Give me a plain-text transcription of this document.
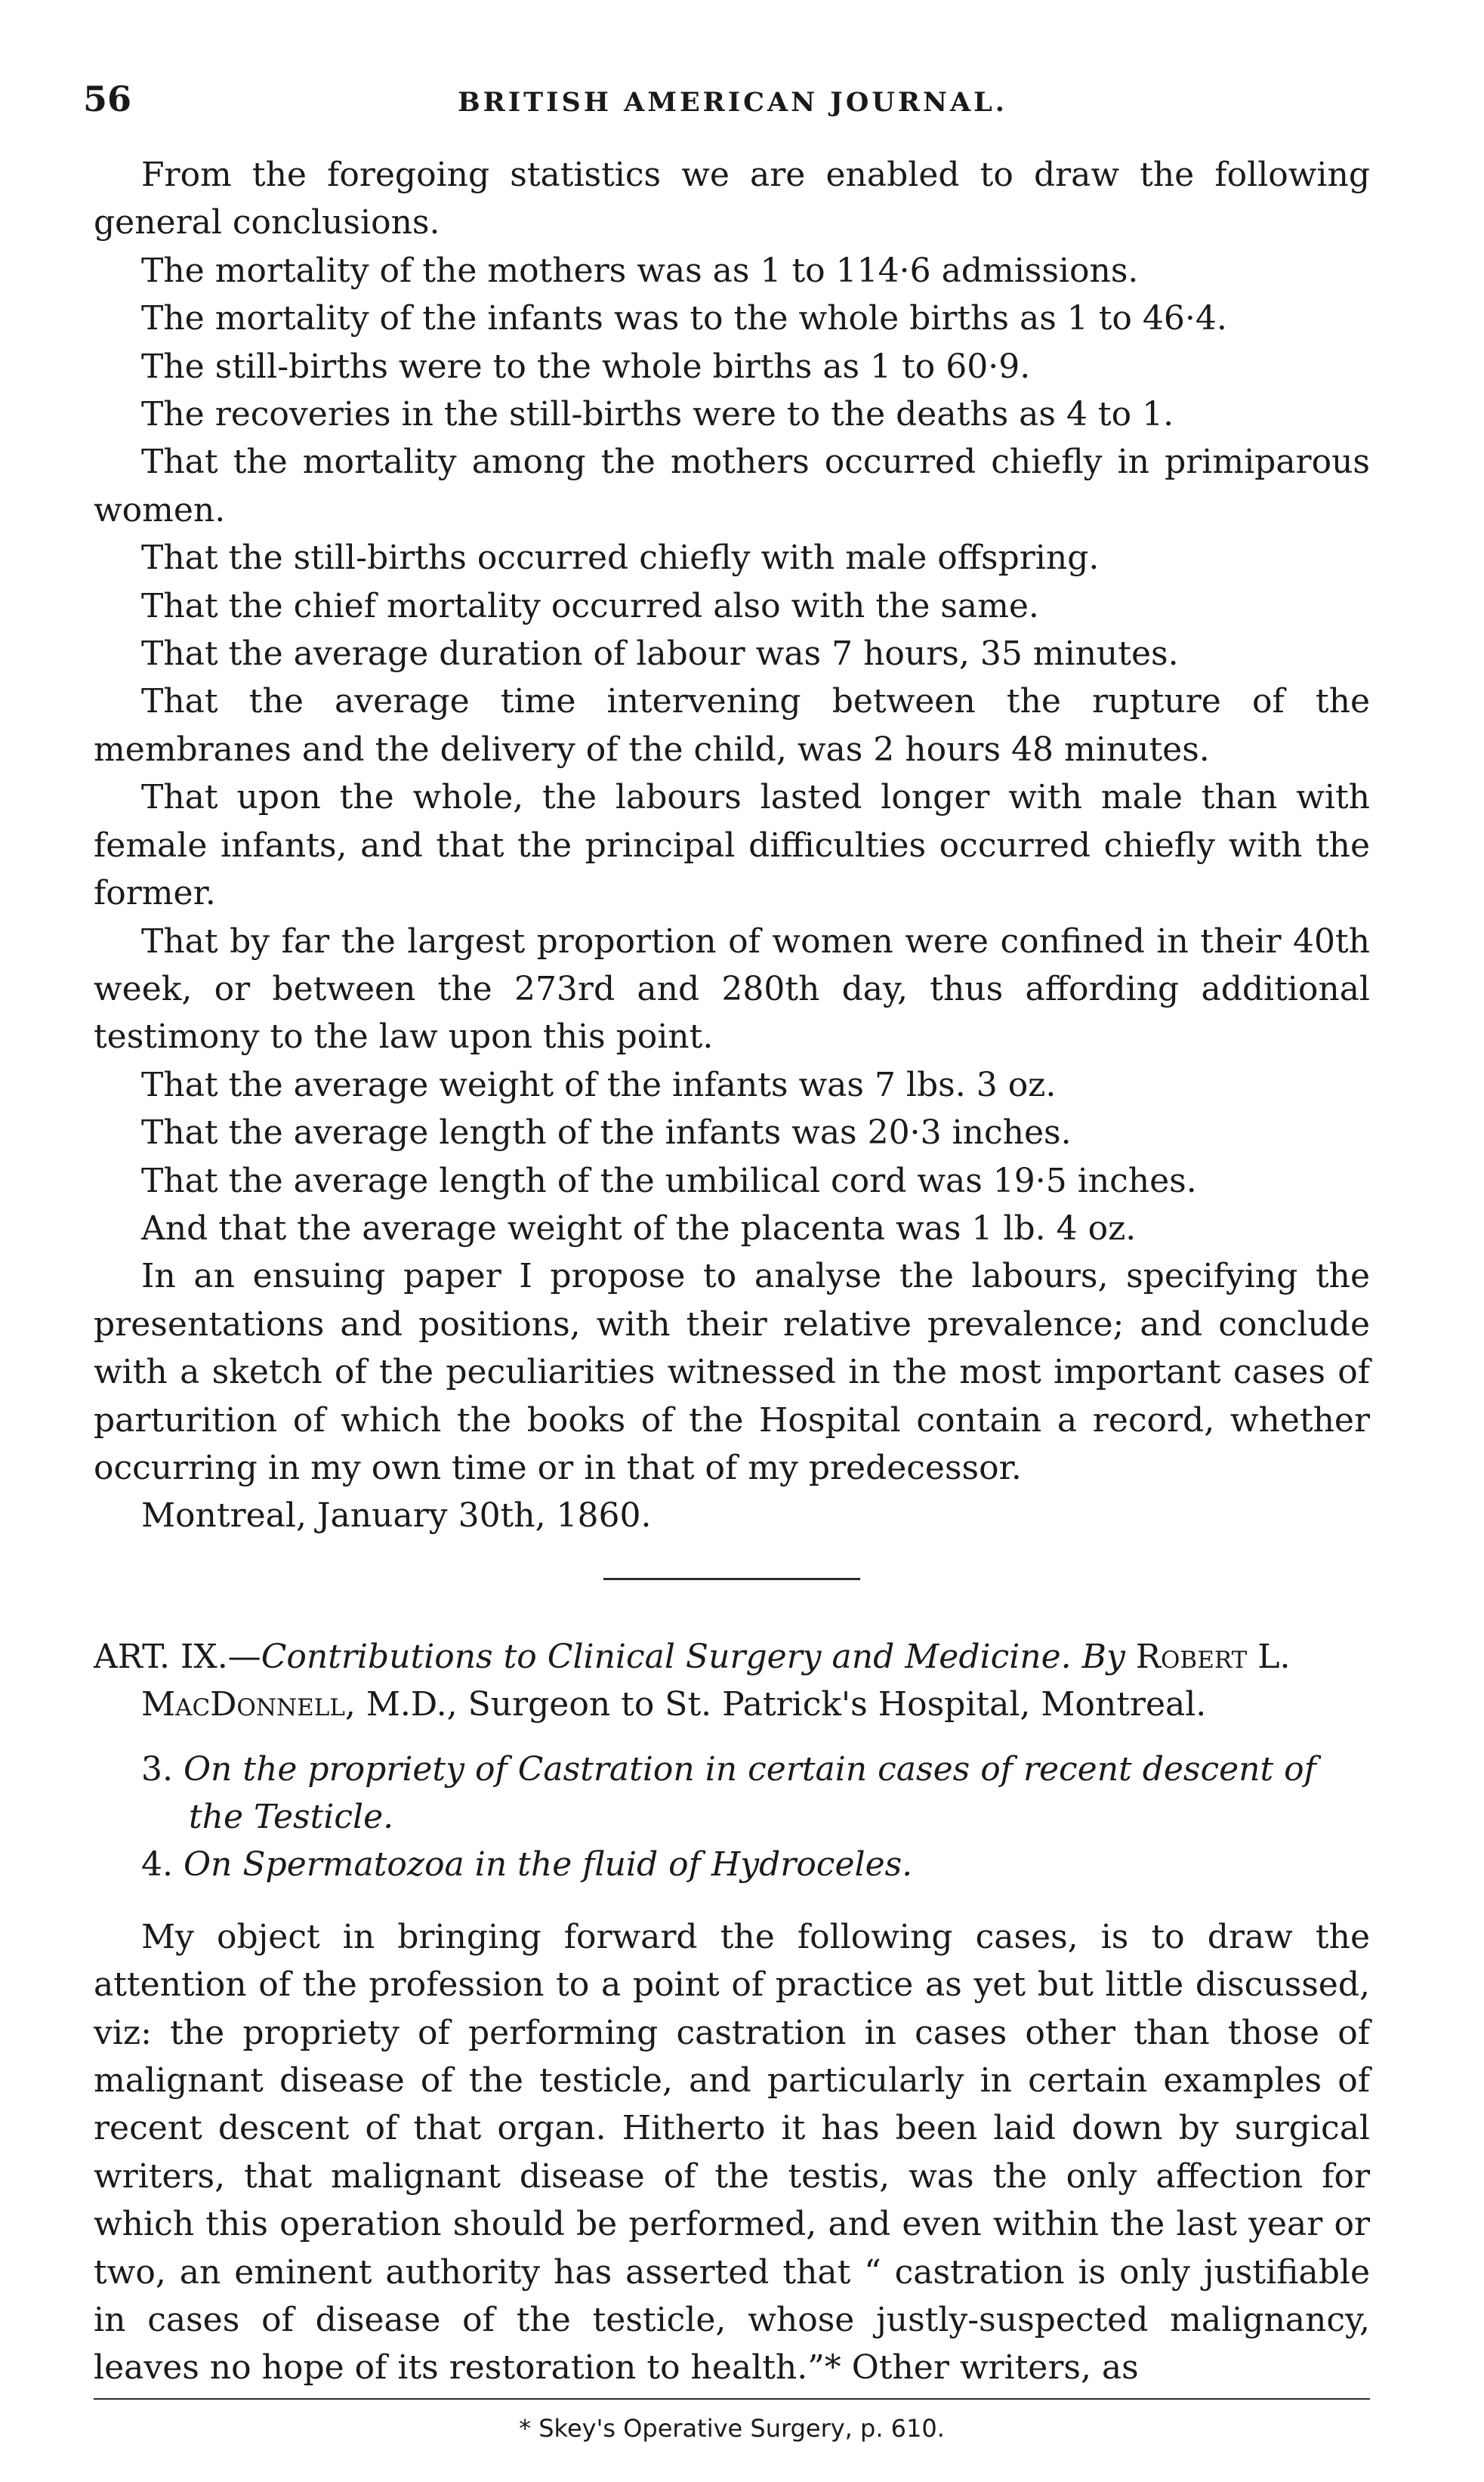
56	BRITISH AMERICAN JOURNAL.

From the foregoing statistics we are enabled to draw the following general conclusions.

The mortality of the mothers was as 1 to 114·6 admissions.

The mortality of the infants was to the whole births as 1 to 46·4.

The still-births were to the whole births as 1 to 60·9.

The recoveries in the still-births were to the deaths as 4 to 1.

That the mortality among the mothers occurred chiefly in primiparous women.

That the still-births occurred chiefly with male offspring.

That the chief mortality occurred also with the same.

That the average duration of labour was 7 hours, 35 minutes.

That the average time intervening between the rupture of the membranes and the delivery of the child, was 2 hours 48 minutes.

That upon the whole, the labours lasted longer with male than with female infants, and that the principal difficulties occurred chiefly with the former.

That by far the largest proportion of women were confined in their 40th week, or between the 273rd and 280th day, thus affording additional testimony to the law upon this point.

That the average weight of the infants was 7 lbs. 3 oz.

That the average length of the infants was 20·3 inches.

That the average length of the umbilical cord was 19·5 inches.

And that the average weight of the placenta was 1 lb. 4 oz.

In an ensuing paper I propose to analyse the labours, specifying the presentations and positions, with their relative prevalence; and conclude with a sketch of the peculiarities witnessed in the most important cases of parturition of which the books of the Hospital contain a record, whether occurring in my own time or in that of my predecessor.

Montreal, January 30th, 1860.

ART. IX.—Contributions to Clinical Surgery and Medicine. By Robert L. MacDonnell, M.D., Surgeon to St. Patrick's Hospital, Montreal.

3. On the propriety of Castration in certain cases of recent descent of the Testicle.

4. On Spermatozoa in the fluid of Hydroceles.

My object in bringing forward the following cases, is to draw the attention of the profession to a point of practice as yet but little discussed, viz: the propriety of performing castration in cases other than those of malignant disease of the testicle, and particularly in certain examples of recent descent of that organ. Hitherto it has been laid down by surgical writers, that malignant disease of the testis, was the only affection for which this operation should be performed, and even within the last year or two, an eminent authority has asserted that “ castration is only justifiable in cases of disease of the testicle, whose justly-suspected malignancy, leaves no hope of its restoration to health.”* Other writers, as

* Skey's Operative Surgery, p. 610.
